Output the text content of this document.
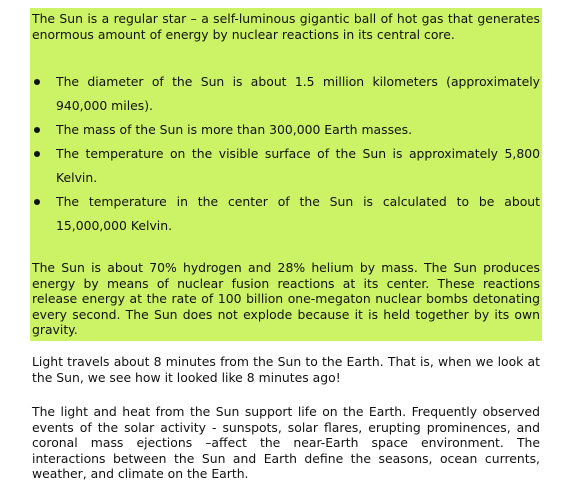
The Sun is a regular star – a self-luminous gigantic ball of hot gas that generates enormous amount of energy by nuclear reactions in its central core.

The diameter of the Sun is about 1.5 million kilometers (approximately 940,000 miles).
The mass of the Sun is more than 300,000 Earth masses.
The temperature on the visible surface of the Sun is approximately 5,800 Kelvin.
The temperature in the center of the Sun is calculated to be about 15,000,000 Kelvin.

The Sun is about 70% hydrogen and 28% helium by mass. The Sun produces energy by means of nuclear fusion reactions at its center. These reactions release energy at the rate of 100 billion one-megaton nuclear bombs detonating every second. The Sun does not explode because it is held together by its own gravity.

Light travels about 8 minutes from the Sun to the Earth. That is, when we look at the Sun, we see how it looked like 8 minutes ago!

The light and heat from the Sun support life on the Earth. Frequently observed events of the solar activity - sunspots, solar flares, erupting prominences, and coronal mass ejections –affect the near-Earth space environment. The interactions between the Sun and Earth define the seasons, ocean currents, weather, and climate on the Earth.
